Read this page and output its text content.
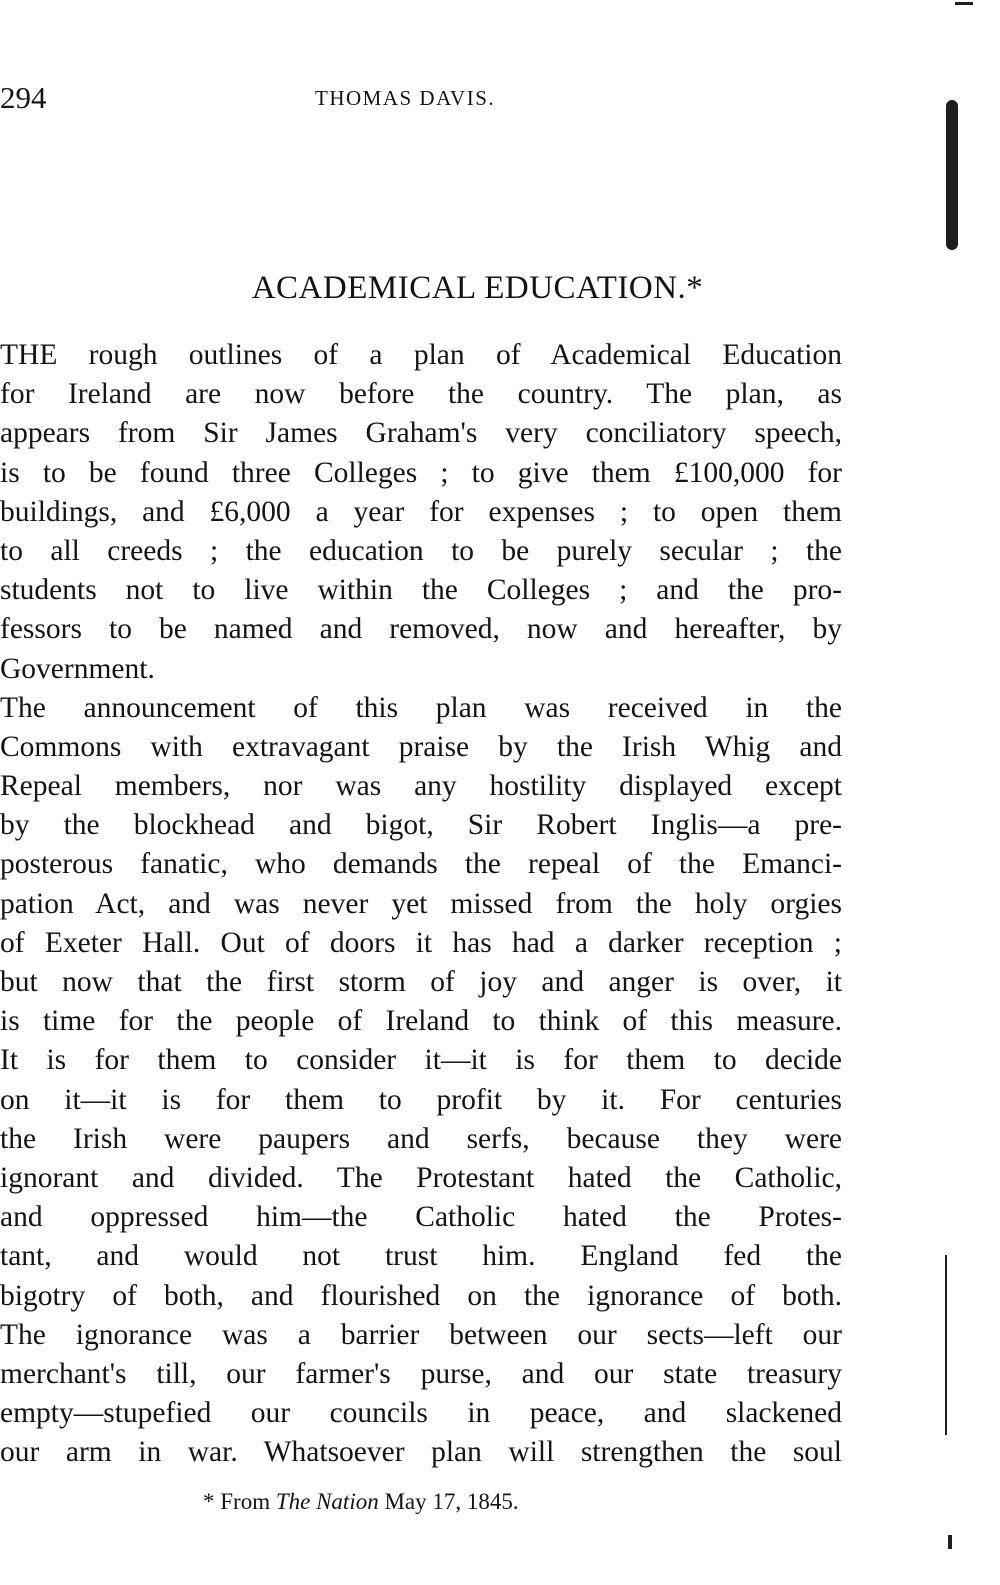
294	THOMAS DAVIS.
ACADEMICAL EDUCATION.*
THE rough outlines of a plan of Academical Education
for Ireland are now before the country. The plan, as
appears from Sir James Graham's very conciliatory speech,
is to be found three Colleges ; to give them £100,000 for
buildings, and £6,000 a year for expenses ; to open them
to all creeds ; the education to be purely secular ; the
students not to live within the Colleges ; and the pro-
fessors to be named and removed, now and hereafter, by
Government.
The announcement of this plan was received in the
Commons with extravagant praise by the Irish Whig and
Repeal members, nor was any hostility displayed except
by the blockhead and bigot, Sir Robert Inglis—a pre-
posterous fanatic, who demands the repeal of the Emanci-
pation Act, and was never yet missed from the holy orgies
of Exeter Hall. Out of doors it has had a darker reception ;
but now that the first storm of joy and anger is over, it
is time for the people of Ireland to think of this measure.
It is for them to consider it—it is for them to decide
on it—it is for them to profit by it. For centuries
the Irish were paupers and serfs, because they were
ignorant and divided. The Protestant hated the Catholic,
and oppressed him—the Catholic hated the Protes-
tant, and would not trust him. England fed the
bigotry of both, and flourished on the ignorance of both.
The ignorance was a barrier between our sects—left our
merchant's till, our farmer's purse, and our state treasury
empty—stupefied our councils in peace, and slackened
our arm in war. Whatsoever plan will strengthen the soul
* From The Nation May 17, 1845.
